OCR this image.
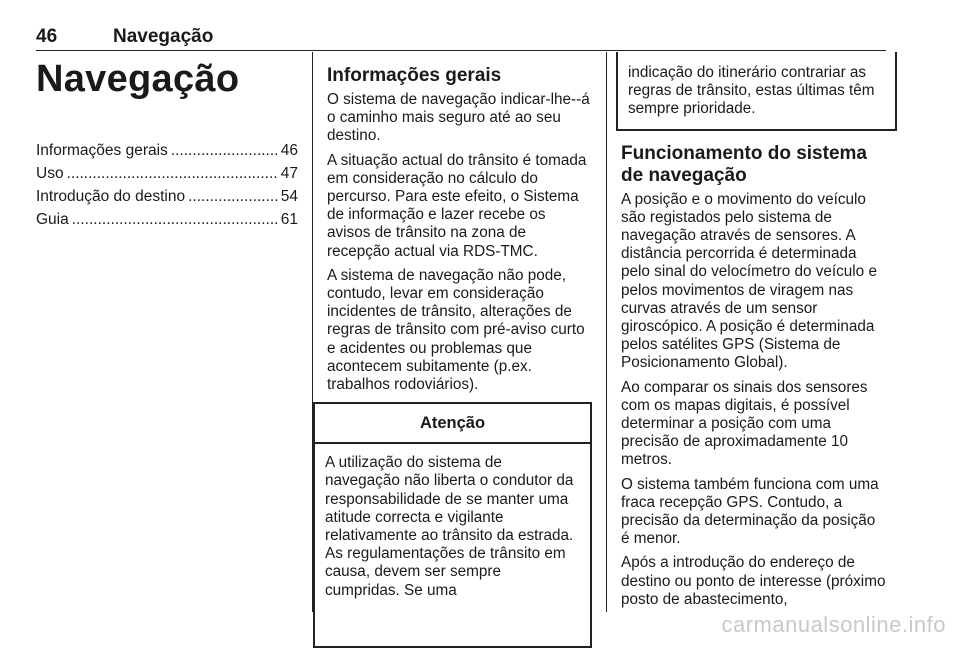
46	Navegação
Navegação
Informações gerais .....	46
Uso .....	47
Introdução do destino .....	54
Guia .....	61
Informações gerais

O sistema de navegação indicar-lhe--á o caminho mais seguro até ao seu destino.

A situação actual do trânsito é tomada em consideração no cálculo do percurso. Para este efeito, o Sistema de informação e lazer recebe os avisos de trânsito na zona de recepção actual via RDS-TMC.

A sistema de navegação não pode, contudo, levar em consideração incidentes de trânsito, alterações de regras de trânsito com pré-aviso curto e acidentes ou problemas que acontecem subitamente (p.ex. trabalhos rodoviários).

Atenção
A utilização do sistema de navegação não liberta o condutor da responsabilidade de se manter uma atitude correcta e vigilante relativamente ao trânsito da estrada. As regulamentações de trânsito em causa, devem ser sempre cumpridas. Se uma
indicação do itinerário contrariar as regras de trânsito, estas últimas têm sempre prioridade.
Funcionamento do sistema de navegação

A posição e o movimento do veículo são registados pelo sistema de navegação através de sensores. A distância percorrida é determinada pelo sinal do velocímetro do veículo e pelos movimentos de viragem nas curvas através de um sensor giroscópico. A posição é determinada pelos satélites GPS (Sistema de Posicionamento Global).

Ao comparar os sinais dos sensores com os mapas digitais, é possível determinar a posição com uma precisão de aproximadamente 10 metros.

O sistema também funciona com uma fraca recepção GPS. Contudo, a precisão da determinação da posição é menor.

Após a introdução do endereço de destino ou ponto de interesse (próximo posto de abastecimento,

carmanualsonline.info
